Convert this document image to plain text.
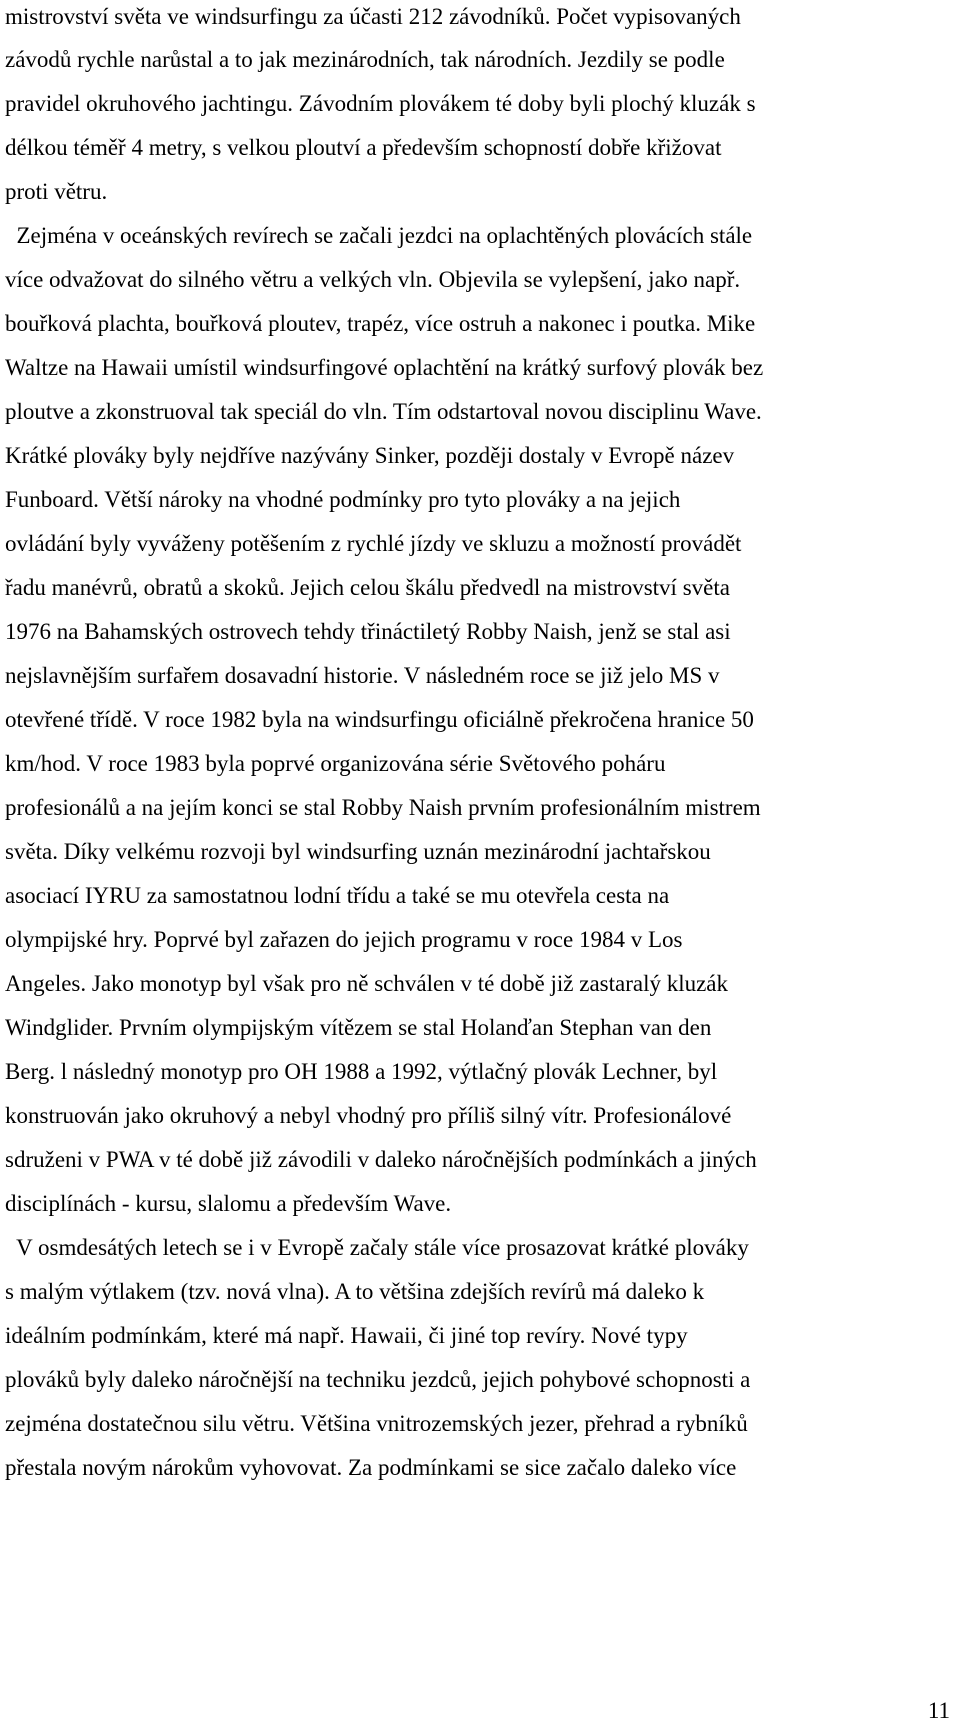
mistrovství světa ve windsurfingu za účasti 212 závodníků. Počet vypisovaných
závodů rychle narůstal a to jak mezinárodních, tak národních. Jezdily se podle
pravidel okruhového jachtingu. Závodním plovákem té doby byli plochý kluzák s
délkou téměř 4 metry, s velkou ploutví a především schopností dobře křižovat
proti větru.
Zejména v oceánských revírech se začali jezdci na oplachtěných plovácích stále
více odvažovat do silného větru a velkých vln. Objevila se vylepšení, jako např.
bouřková plachta, bouřková ploutev, trapéz, více ostruh a nakonec i poutka. Mike
Waltze na Hawaii umístil windsurfingové oplachtění na krátký surfový plovák bez
ploutve a zkonstruoval tak speciál do vln. Tím odstartoval novou disciplinu Wave.
Krátké plováky byly nejdříve nazývány Sinker, později dostaly v Evropě název
Funboard. Větší nároky na vhodné podmínky pro tyto plováky a na jejich
ovládání byly vyváženy potěšením z rychlé jízdy ve skluzu a možností provádět
řadu manévrů, obratů a skoků. Jejich celou škálu předvedl na mistrovství světa
1976 na Bahamských ostrovech tehdy třináctiletý Robby Naish, jenž se stal asi
nejslavnějším surfařem dosavadní historie. V následném roce se již jelo MS v
otevřené třídě. V roce 1982 byla na windsurfingu oficiálně překročena hranice 50
km/hod. V roce 1983 byla poprvé organizována série Světového poháru
profesionálů a na jejím konci se stal Robby Naish prvním profesionálním mistrem
světa. Díky velkému rozvoji byl windsurfing uznán mezinárodní jachtařskou
asociací IYRU za samostatnou lodní třídu a také se mu otevřela cesta na
olympijské hry. Poprvé byl zařazen do jejich programu v roce 1984 v Los
Angeles. Jako monotyp byl však pro ně schválen v té době již zastaralý kluzák
Windglider. Prvním olympijským vítězem se stal Holanďan Stephan van den
Berg. l následný monotyp pro OH 1988 a 1992, výtlačný plovák Lechner, byl
konstruován jako okruhový a nebyl vhodný pro příliš silný vítr. Profesionálové
sdruženi v PWA v té době již závodili v daleko náročnějších podmínkách a jiných
disciplínách - kursu, slalomu a především Wave.
V osmdesátých letech se i v Evropě začaly stále více prosazovat krátké plováky
s malým výtlakem (tzv. nová vlna). A to většina zdejších revírů má daleko k
ideálním podmínkám, které má např. Hawaii, či jiné top revíry. Nové typy
plováků byly daleko náročnější na techniku jezdců, jejich pohybové schopnosti a
zejména dostatečnou silu větru. Většina vnitrozemských jezer, přehrad a rybníků
přestala novým nárokům vyhovovat. Za podmínkami se sice začalo daleko více
11
